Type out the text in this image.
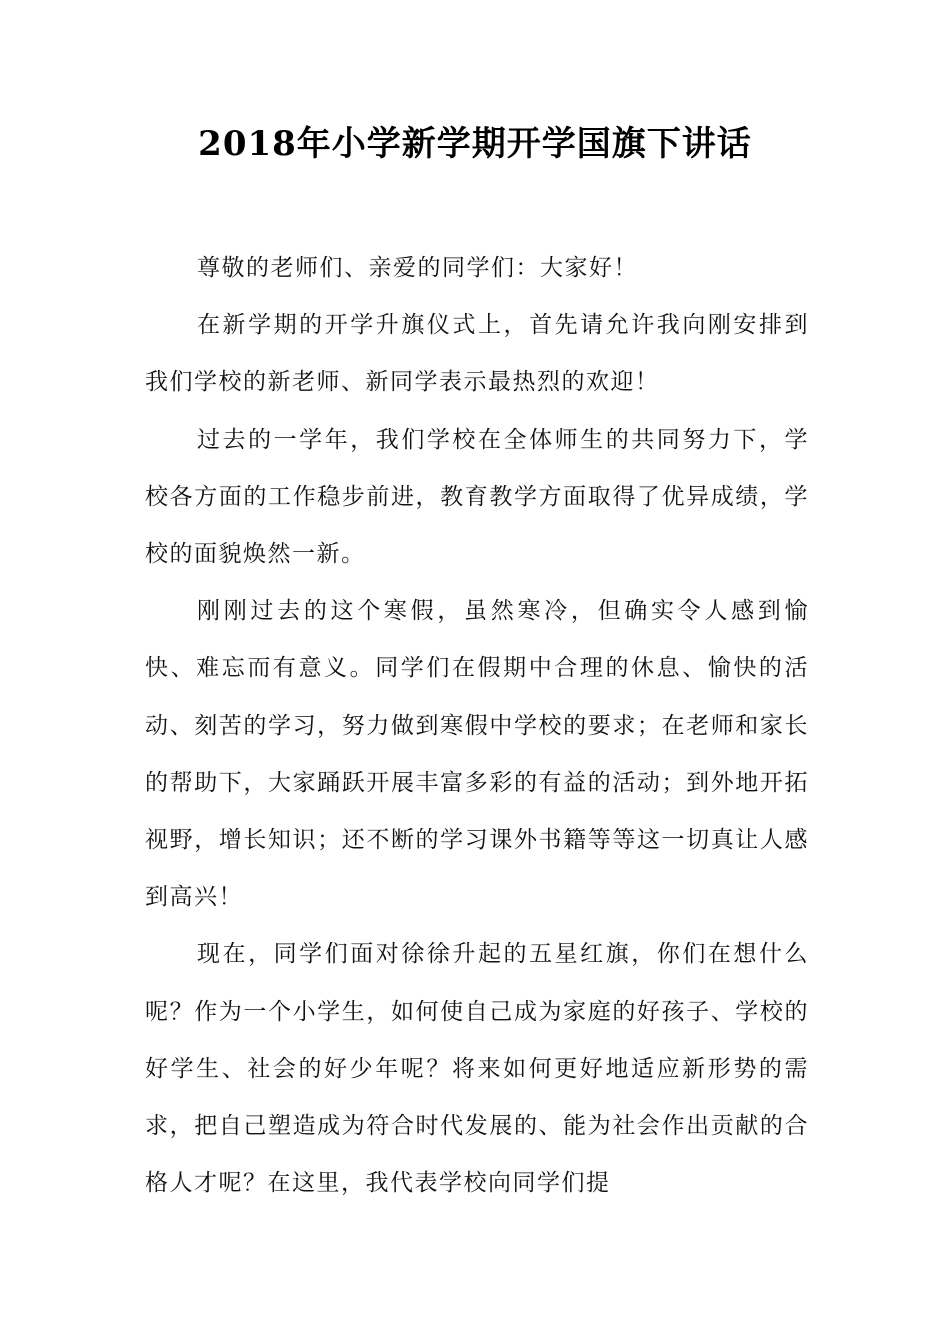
2018年小学新学期开学国旗下讲话

尊敬的老师们、亲爱的同学们：大家好！

在新学期的开学升旗仪式上，首先请允许我向刚安排到我们学校的新老师、新同学表示最热烈的欢迎！

过去的一学年，我们学校在全体师生的共同努力下，学校各方面的工作稳步前进，教育教学方面取得了优异成绩，学校的面貌焕然一新。

刚刚过去的这个寒假，虽然寒冷，但确实令人感到愉快、难忘而有意义。同学们在假期中合理的休息、愉快的活动、刻苦的学习，努力做到寒假中学校的要求；在老师和家长的帮助下，大家踊跃开展丰富多彩的有益的活动；到外地开拓视野，增长知识；还不断的学习课外书籍等等这一切真让人感到高兴！

现在，同学们面对徐徐升起的五星红旗，你们在想什么呢？作为一个小学生，如何使自己成为家庭的好孩子、学校的好学生、社会的好少年呢？将来如何更好地适应新形势的需求，把自己塑造成为符合时代发展的、能为社会作出贡献的合格人才呢？在这里，我代表学校向同学们提
